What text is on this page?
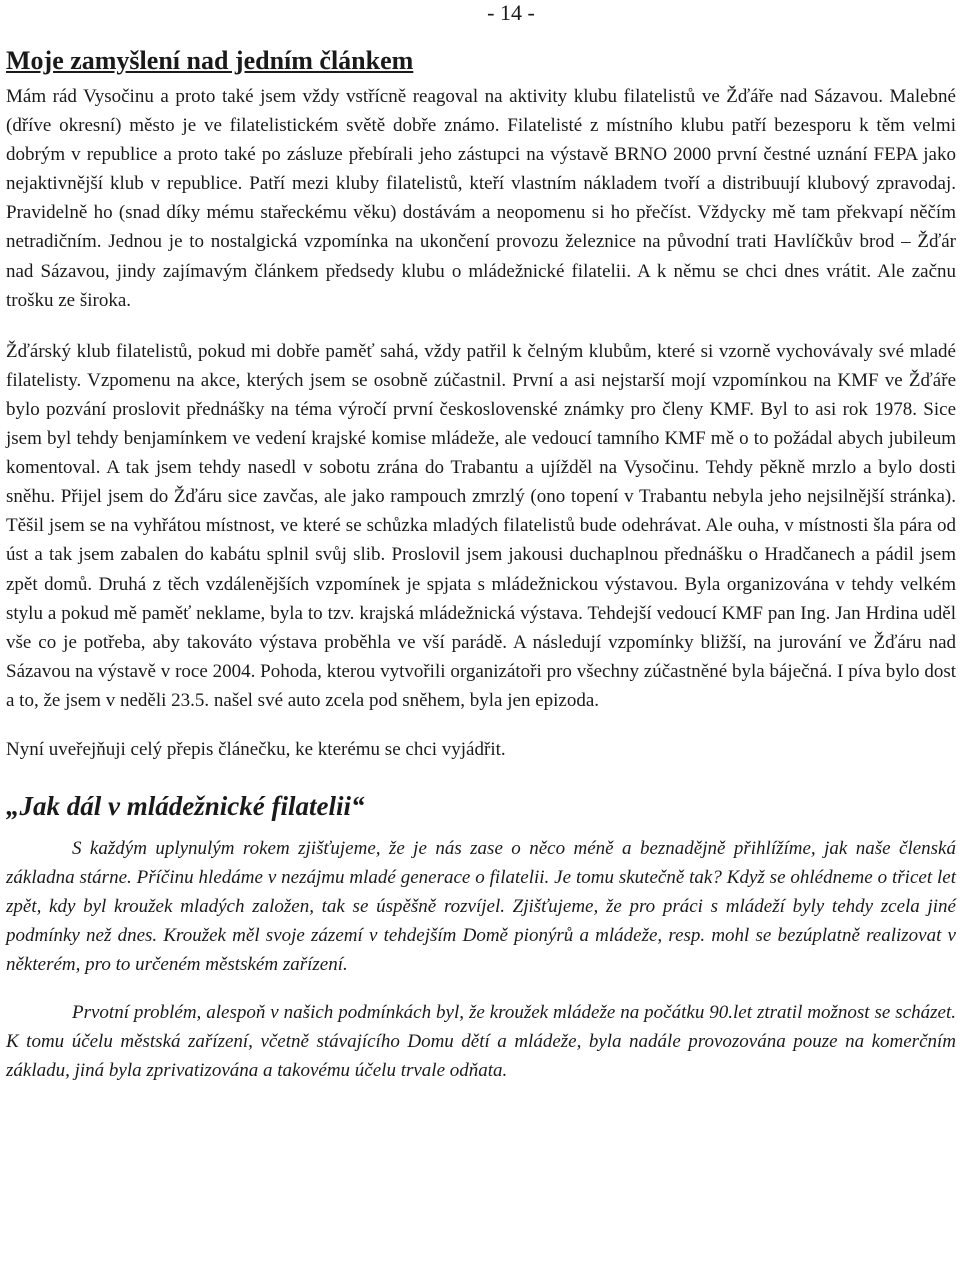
- 14 -
Moje zamyšlení nad jedním článkem

Mám rád Vysočinu a proto také jsem vždy vstřícně reagoval na aktivity klubu filatelistů ve Žďáře nad Sázavou. Malebné (dříve okresní) město je ve filatelistickém světě dobře známo. Filatelisté z místního klubu patří bezesporu k těm velmi dobrým v republice a proto také po zásluze přebírali jeho zástupci na výstavě BRNO 2000 první čestné uznání FEPA jako nejaktivnější klub v republice. Patří mezi kluby filatelistů, kteří vlastním nákladem tvoří a distribuují klubový zpravodaj. Pravidelně ho (snad díky mému stařeckému věku) dostávám a neopomenu si ho přečíst. Vždycky mě tam překvapí něčím netradičním. Jednou je to nostalgická vzpomínka na ukončení provozu železnice na původní trati Havlíčkův brod – Žďár nad Sázavou, jindy zajímavým článkem předsedy klubu o mládežnické filatelii. A k němu se chci dnes vrátit. Ale začnu trošku ze široka.

Žďárský klub filatelistů, pokud mi dobře paměť sahá, vždy patřil k čelným klubům, které si vzorně vychovávaly své mladé filatelisty. Vzpomenu na akce, kterých jsem se osobně zúčastnil. První a asi nejstarší mojí vzpomínkou na KMF ve Žďáře bylo pozvání proslovit přednášky na téma výročí první československé známky pro členy KMF. Byl to asi rok 1978. Sice jsem byl tehdy benjamínkem ve vedení krajské komise mládeže, ale vedoucí tamního KMF mě o to požádal abych jubileum komentoval. A tak jsem tehdy nasedl v sobotu zrána do Trabantu a ujížděl na Vysočinu. Tehdy pěkně mrzlo a bylo dosti sněhu. Přijel jsem do Žďáru sice zavčas, ale jako rampouch zmrzlý (ono topení v Trabantu nebyla jeho nejsilnější stránka). Těšil jsem se na vyhřátou místnost, ve které se schůzka mladých filatelistů bude odehrávat. Ale ouha, v místnosti šla pára od úst a tak jsem zabalen do kabátu splnil svůj slib. Proslovil jsem jakousi duchaplnou přednášku o Hradčanech a pádil jsem zpět domů. Druhá z těch vzdálenějších vzpomínek je spjata s mládežnickou výstavou. Byla organizována v tehdy velkém stylu a pokud mě paměť neklame, byla to tzv. krajská mládežnická výstava. Tehdejší vedoucí KMF pan Ing. Jan Hrdina uděl vše co je potřeba, aby takováto výstava proběhla ve vší parádě. A následují vzpomínky bližší, na jurování ve Žďáru nad Sázavou na výstavě v roce 2004. Pohoda, kterou vytvořili organizátoři pro všechny zúčastněné byla báječná. I píva bylo dost a to, že jsem v neděli 23.5. našel své auto zcela pod sněhem, byla jen epizoda.

Nyní uveřejňuji celý přepis článečku, ke kterému se chci vyjádřit.

„Jak dál v mládežnické filatelii“

S každým uplynulým rokem zjišťujeme, že je nás zase o něco méně a beznadějně přihlížíme, jak naše členská základna stárne. Příčinu hledáme v nezájmu mladé generace o filatelii. Je tomu skutečně tak? Když se ohlédneme o třicet let zpět, kdy byl kroužek mladých založen, tak se úspěšně rozvíjel. Zjišťujeme, že pro práci s mládeží byly tehdy zcela jiné podmínky než dnes. Kroužek měl svoje zázemí v tehdejším Domě pionýrů a mládeže, resp. mohl se bezúplatně realizovat v některém, pro to určeném městském zařízení.

Prvotní problém, alespoň v našich podmínkách byl, že kroužek mládeže na počátku 90.let ztratil možnost se scházet. K tomu účelu městská zařízení, včetně stávajícího Domu dětí a mládeže, byla nadále provozována pouze na komerčním základu, jiná byla zprivatizována a takovému účelu trvale odňata.
